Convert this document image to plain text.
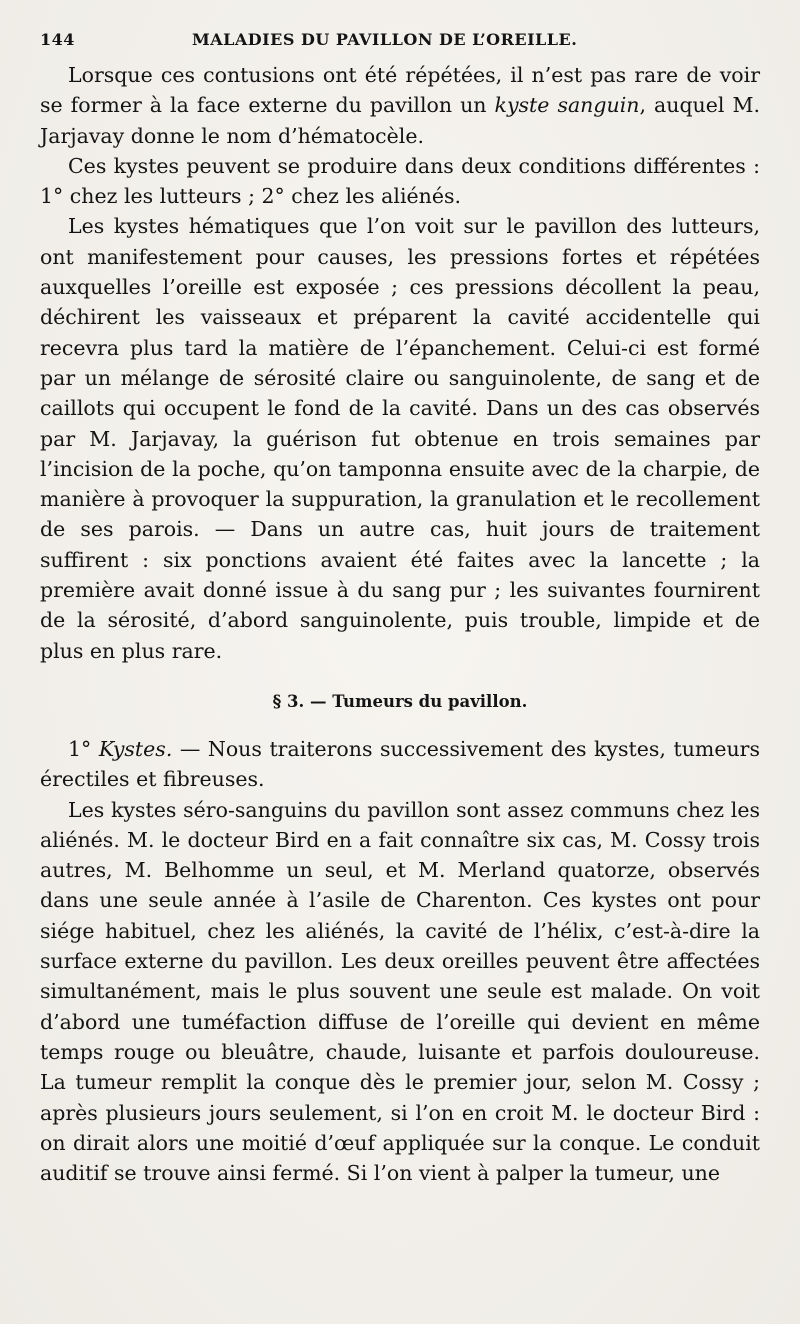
144	MALADIES DU PAVILLON DE L’OREILLE.

Lorsque ces contusions ont été répétées, il n’est pas rare de voir se former à la face externe du pavillon un kyste sanguin, auquel M. Jarjavay donne le nom d’hématocèle.

Ces kystes peuvent se produire dans deux conditions différentes : 1° chez les lutteurs ; 2° chez les aliénés.

Les kystes hématiques que l’on voit sur le pavillon des lutteurs, ont manifestement pour causes, les pressions fortes et répétées auxquelles l’oreille est exposée ; ces pressions décollent la peau, déchirent les vaisseaux et préparent la cavité accidentelle qui recevra plus tard la matière de l’épanchement. Celui-ci est formé par un mélange de sérosité claire ou sanguinolente, de sang et de caillots qui occupent le fond de la cavité. Dans un des cas observés par M. Jarjavay, la guérison fut obtenue en trois semaines par l’incision de la poche, qu’on tamponna ensuite avec de la charpie, de manière à provoquer la suppuration, la granulation et le recollement de ses parois. — Dans un autre cas, huit jours de traitement suffirent : six ponctions avaient été faites avec la lancette ; la première avait donné issue à du sang pur ; les suivantes fournirent de la sérosité, d’abord sanguinolente, puis trouble, limpide et de plus en plus rare.

§ 3. — Tumeurs du pavillon.

1° Kystes. — Nous traiterons successivement des kystes, tumeurs érectiles et fibreuses.

Les kystes séro-sanguins du pavillon sont assez communs chez les aliénés. M. le docteur Bird en a fait connaître six cas, M. Cossy trois autres, M. Belhomme un seul, et M. Merland quatorze, observés dans une seule année à l’asile de Charenton. Ces kystes ont pour siége habituel, chez les aliénés, la cavité de l’hélix, c’est-à-dire la surface externe du pavillon. Les deux oreilles peuvent être affectées simultanément, mais le plus souvent une seule est malade. On voit d’abord une tuméfaction diffuse de l’oreille qui devient en même temps rouge ou bleuâtre, chaude, luisante et parfois douloureuse. La tumeur remplit la conque dès le premier jour, selon M. Cossy ; après plusieurs jours seulement, si l’on en croit M. le docteur Bird : on dirait alors une moitié d’œuf appliquée sur la conque. Le conduit auditif se trouve ainsi fermé. Si l’on vient à palper la tumeur, une
